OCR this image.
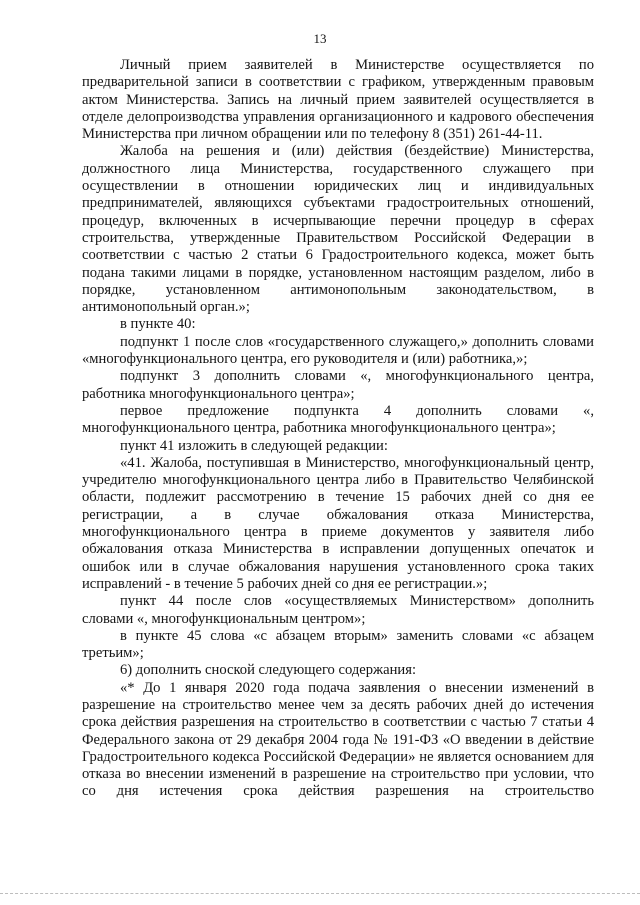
13

Личный прием заявителей в Министерстве осуществляется по предварительной записи в соответствии с графиком, утвержденным правовым актом Министерства. Запись на личный прием заявителей осуществляется в отделе делопроизводства управления организационного и кадрового обеспечения Министерства при личном обращении или по телефону 8 (351) 261-44-11.

Жалоба на решения и (или) действия (бездействие) Министерства, должностного лица Министерства, государственного служащего при осуществлении в отношении юридических лиц и индивидуальных предпринимателей, являющихся субъектами градостроительных отношений, процедур, включенных в исчерпывающие перечни процедур в сферах строительства, утвержденные Правительством Российской Федерации в соответствии с частью 2 статьи 6 Градостроительного кодекса, может быть подана такими лицами в порядке, установленном настоящим разделом, либо в порядке, установленном антимонопольным законодательством, в антимонопольный орган.»;

в пункте 40:

подпункт 1 после слов «государственного служащего,» дополнить словами «многофункционального центра, его руководителя и (или) работника,»;

подпункт 3 дополнить словами «, многофункционального центра, работника многофункционального центра»;

первое предложение подпункта 4 дополнить словами «, многофункционального центра, работника многофункционального центра»;

пункт 41 изложить в следующей редакции:

«41. Жалоба, поступившая в Министерство, многофункциональный центр, учредителю многофункционального центра либо в Правительство Челябинской области, подлежит рассмотрению в течение 15 рабочих дней со дня ее регистрации, а в случае обжалования отказа Министерства, многофункционального центра в приеме документов у заявителя либо обжалования отказа Министерства в исправлении допущенных опечаток и ошибок или в случае обжалования нарушения установленного срока таких исправлений - в течение 5 рабочих дней со дня ее регистрации.»;

пункт 44 после слов «осуществляемых Министерством» дополнить словами «, многофункциональным центром»;

в пункте 45 слова «с абзацем вторым» заменить словами «с абзацем третьим»;

6) дополнить сноской следующего содержания:

«* До 1 января 2020 года подача заявления о внесении изменений в разрешение на строительство менее чем за десять рабочих дней до истечения срока действия разрешения на строительство в соответствии с частью 7 статьи 4 Федерального закона от 29 декабря 2004 года № 191-ФЗ «О введении в действие Градостроительного кодекса Российской Федерации» не является основанием для отказа во внесении изменений в разрешение на строительство при условии, что со дня истечения срока действия разрешения на строительство
